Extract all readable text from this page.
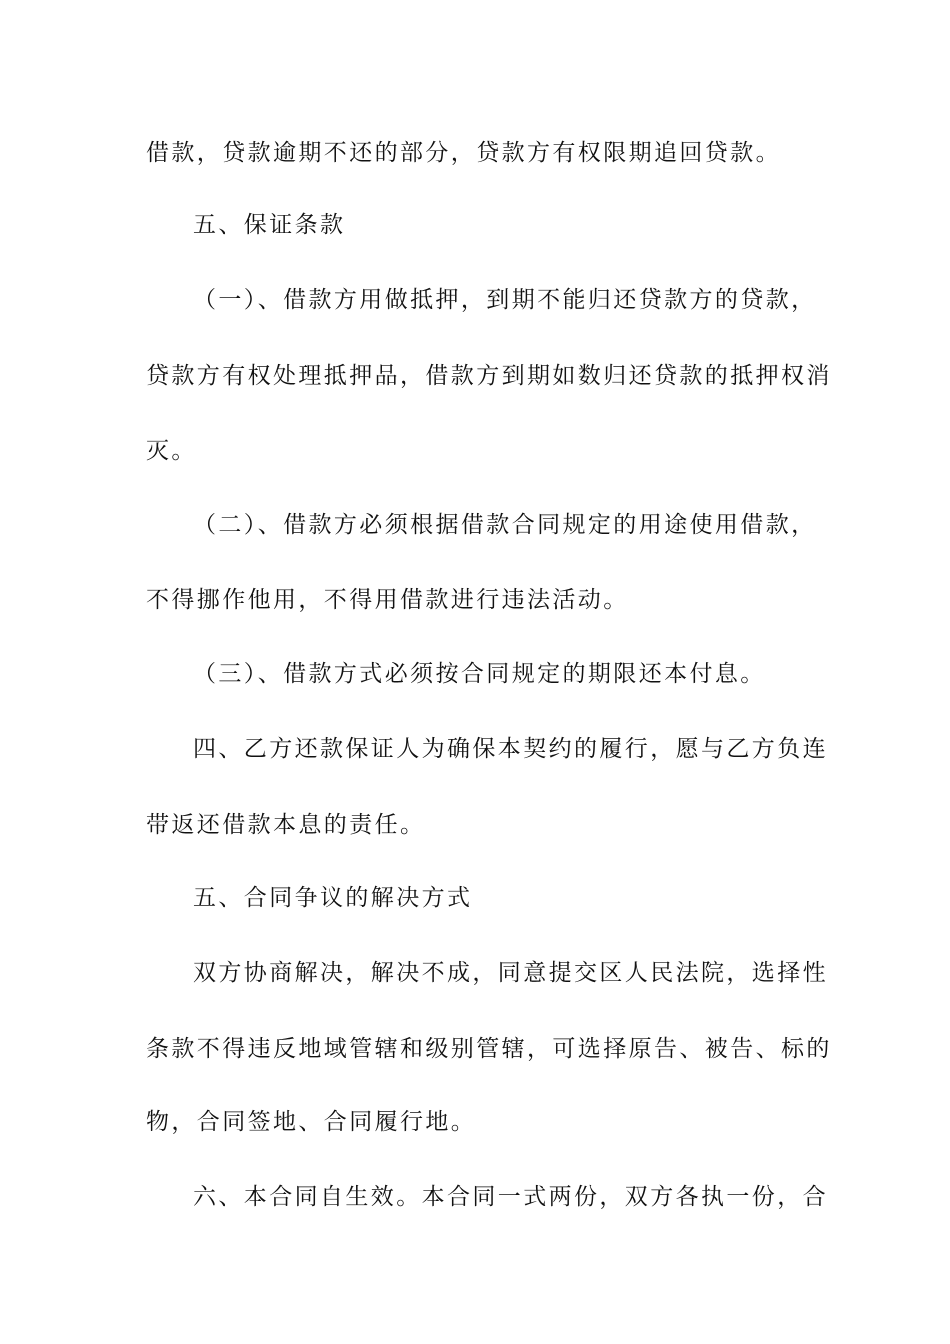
借款，贷款逾期不还的部分，贷款方有权限期追回贷款。
五、保证条款
（一）、借款方用做抵押，到期不能归还贷款方的贷款，
贷款方有权处理抵押品，借款方到期如数归还贷款的抵押权消
灭。
（二）、借款方必须根据借款合同规定的用途使用借款，
不得挪作他用，不得用借款进行违法活动。
（三）、借款方式必须按合同规定的期限还本付息。
四、乙方还款保证人为确保本契约的履行，愿与乙方负连
带返还借款本息的责任。
五、合同争议的解决方式
双方协商解决，解决不成，同意提交区人民法院，选择性
条款不得违反地域管辖和级别管辖，可选择原告、被告、标的
物，合同签地、合同履行地。
六、本合同自生效。本合同一式两份，双方各执一份，合
